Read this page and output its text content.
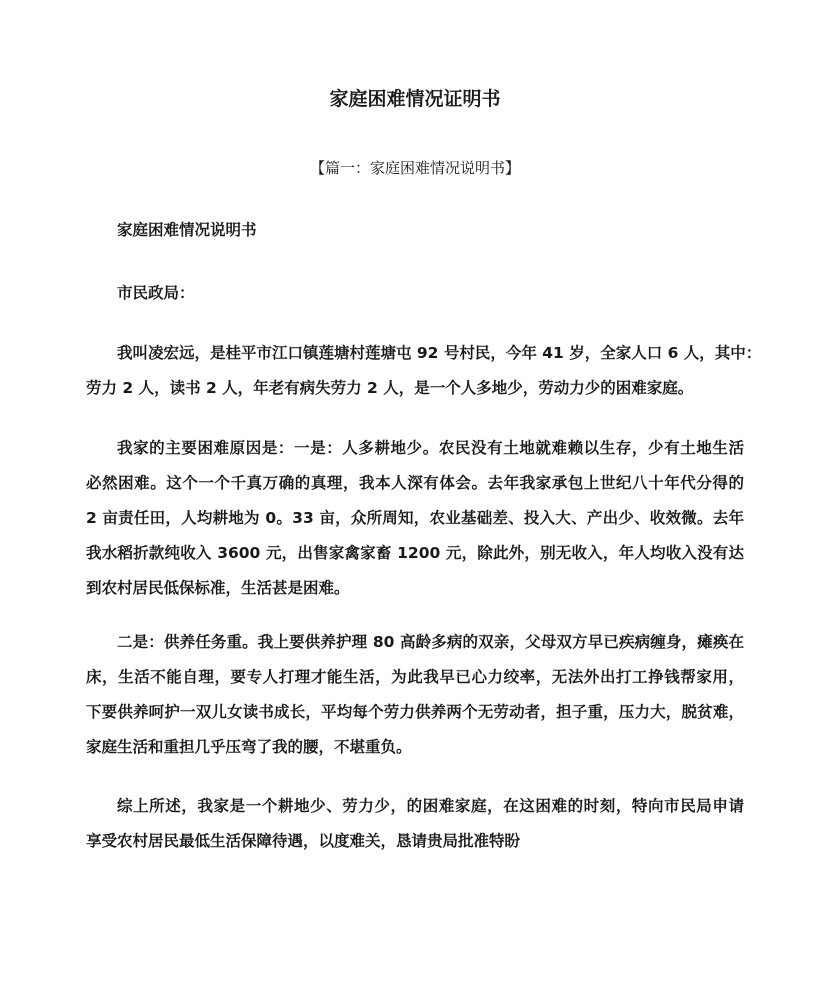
家庭困难情况证明书
【篇一：家庭困难情况说明书】
家庭困难情况说明书
市民政局：
我叫凌宏远，是桂平市江口镇莲塘村莲塘屯 92 号村民，今年 41 岁，全家人口 6 人，其中：
劳力 2 人，读书 2 人，年老有病失劳力 2 人，是一个人多地少，劳动力少的困难家庭。
我家的主要困难原因是：一是：人多耕地少。农民没有土地就难赖以生存，少有土地生活
必然困难。这个一个千真万确的真理，我本人深有体会。去年我家承包上世纪八十年代分得的
2 亩责任田，人均耕地为 0。33 亩，众所周知，农业基础差、投入大、产出少、收效微。去年
我水稻折款纯收入 3600 元，出售家禽家畜 1200 元，除此外，别无收入，年人均收入没有达
到农村居民低保标准，生活甚是困难。
二是：供养任务重。我上要供养护理 80 高龄多病的双亲，父母双方早已疾病缠身，瘫痪在
床，生活不能自理，要专人打理才能生活，为此我早已心力绞率，无法外出打工挣钱帮家用，
下要供养呵护一双儿女读书成长，平均每个劳力供养两个无劳动者，担子重，压力大，脱贫难，
家庭生活和重担几乎压弯了我的腰，不堪重负。
综上所述，我家是一个耕地少、劳力少，的困难家庭，在这困难的时刻，特向市民局申请
享受农村居民最低生活保障待遇，以度难关，恳请贵局批准特盼
